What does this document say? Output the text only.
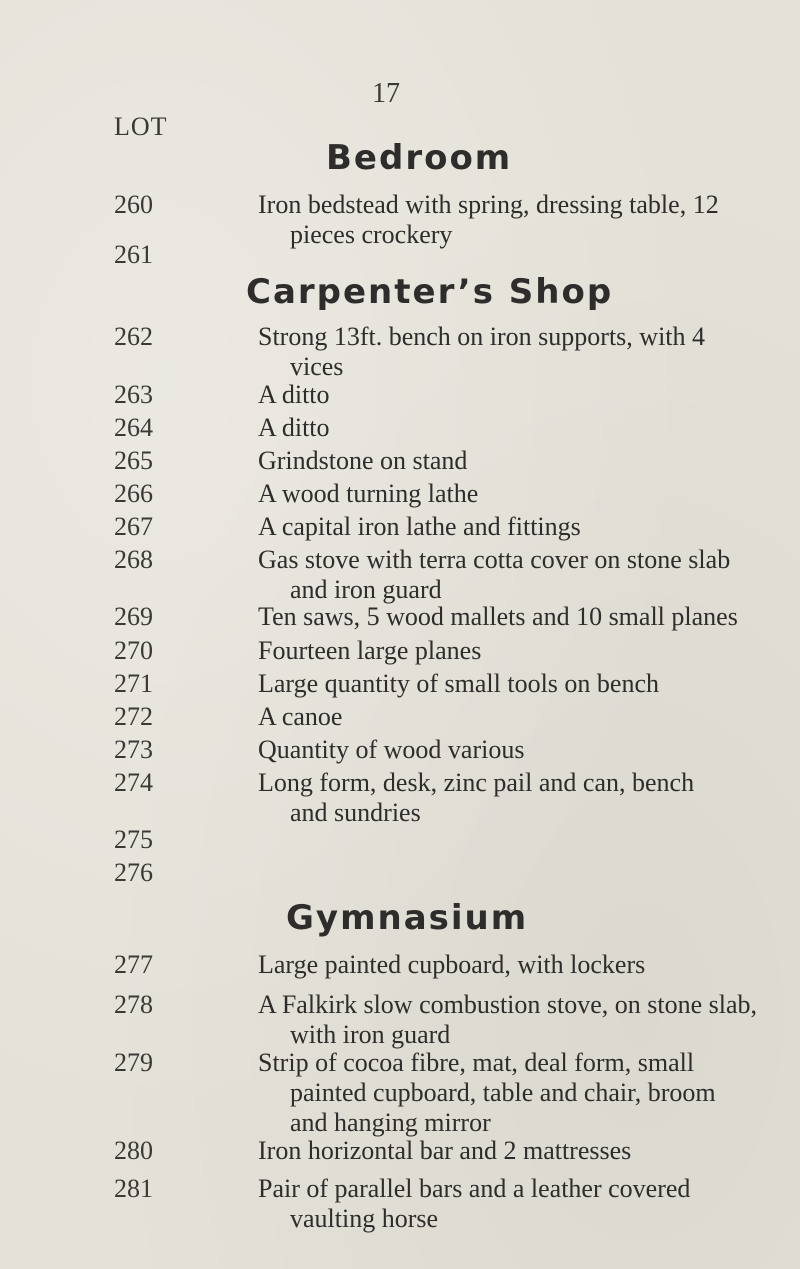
17
LOT
Bedroom
260	Iron bedstead with spring, dressing table, 12
pieces crockery
261
Carpenter’s Shop
262	Strong 13ft. bench on iron supports, with 4
vices
263	A ditto
264	A ditto
265	Grindstone on stand
266	A wood turning lathe
267	A capital iron lathe and fittings
268	Gas stove with terra cotta cover on stone slab
and iron guard
269	Ten saws, 5 wood mallets and 10 small planes
270	Fourteen large planes
271	Large quantity of small tools on bench
272	A canoe
273	Quantity of wood various
274	Long form, desk, zinc pail and can, bench
and sundries
275
276
Gymnasium
277	Large painted cupboard, with lockers
278	A Falkirk slow combustion stove, on stone slab,
with iron guard
279	Strip of cocoa fibre, mat, deal form, small
painted cupboard, table and chair, broom
and hanging mirror
280	Iron horizontal bar and 2 mattresses
281	Pair of parallel bars and a leather covered
vaulting horse
